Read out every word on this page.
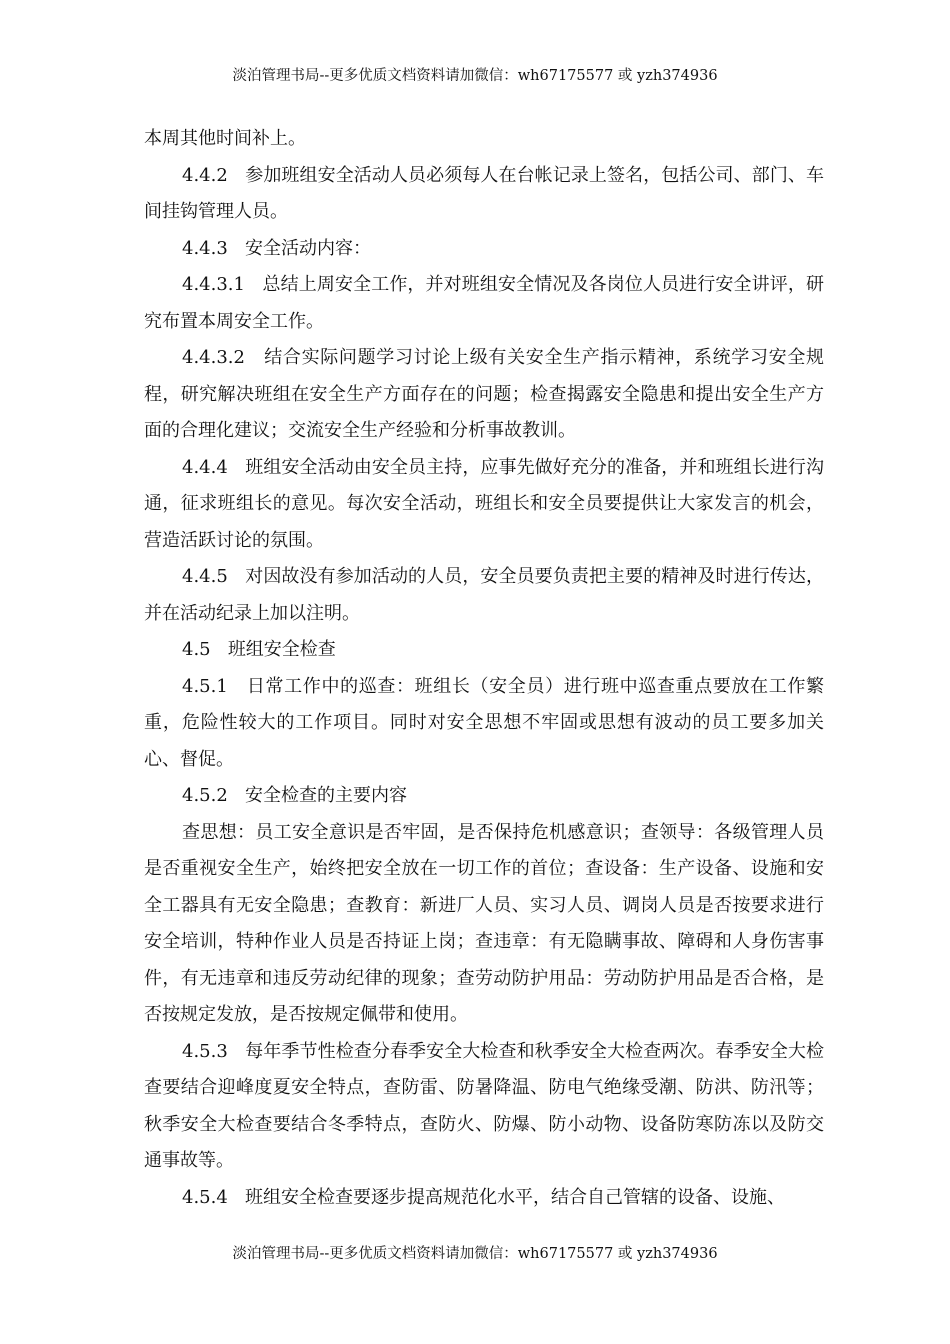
淡泊管理书局--更多优质文档资料请加微信：wh67175577 或 yzh374936

本周其他时间补上。

4.4.2 参加班组安全活动人员必须每人在台帐记录上签名，包括公司、部门、车间挂钩管理人员。

4.4.3 安全活动内容：

4.4.3.1 总结上周安全工作，并对班组安全情况及各岗位人员进行安全讲评，研究布置本周安全工作。

4.4.3.2 结合实际问题学习讨论上级有关安全生产指示精神，系统学习安全规程，研究解决班组在安全生产方面存在的问题；检查揭露安全隐患和提出安全生产方面的合理化建议；交流安全生产经验和分析事故教训。

4.4.4 班组安全活动由安全员主持，应事先做好充分的准备，并和班组长进行沟通，征求班组长的意见。每次安全活动，班组长和安全员要提供让大家发言的机会，营造活跃讨论的氛围。

4.4.5 对因故没有参加活动的人员，安全员要负责把主要的精神及时进行传达，并在活动纪录上加以注明。

4.5 班组安全检查

4.5.1 日常工作中的巡查：班组长（安全员）进行班中巡查重点要放在工作繁重，危险性较大的工作项目。同时对安全思想不牢固或思想有波动的员工要多加关心、督促。

4.5.2 安全检查的主要内容

查思想：员工安全意识是否牢固，是否保持危机感意识；查领导：各级管理人员是否重视安全生产，始终把安全放在一切工作的首位；查设备：生产设备、设施和安全工器具有无安全隐患；查教育：新进厂人员、实习人员、调岗人员是否按要求进行安全培训，特种作业人员是否持证上岗；查违章：有无隐瞒事故、障碍和人身伤害事件，有无违章和违反劳动纪律的现象；查劳动防护用品：劳动防护用品是否合格，是否按规定发放，是否按规定佩带和使用。

4.5.3 每年季节性检查分春季安全大检查和秋季安全大检查两次。春季安全大检查要结合迎峰度夏安全特点，查防雷、防暑降温、防电气绝缘受潮、防洪、防汛等；秋季安全大检查要结合冬季特点，查防火、防爆、防小动物、设备防寒防冻以及防交通事故等。

4.5.4 班组安全检查要逐步提高规范化水平，结合自己管辖的设备、设施、

淡泊管理书局--更多优质文档资料请加微信：wh67175577 或 yzh374936
